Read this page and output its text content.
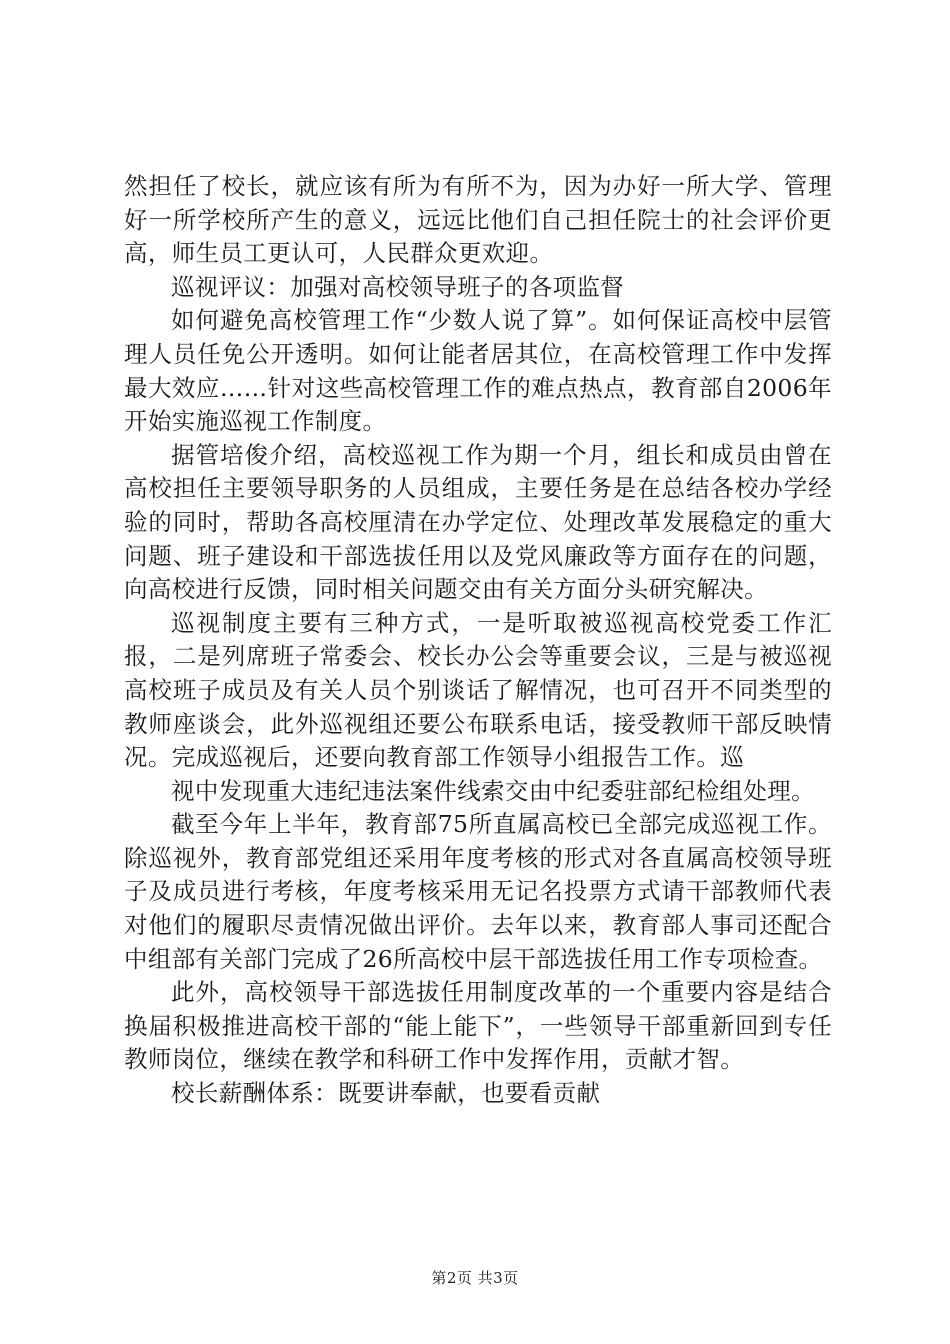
然担任了校长，就应该有所为有所不为，因为办好一所大学、管理好一所学校所产生的意义，远远比他们自己担任院士的社会评价更高，师生员工更认可，人民群众更欢迎。

巡视评议：加强对高校领导班子的各项监督

如何避免高校管理工作“少数人说了算”。如何保证高校中层管理人员任免公开透明。如何让能者居其位，在高校管理工作中发挥最大效应……针对这些高校管理工作的难点热点，教育部自2006年开始实施巡视工作制度。

据管培俊介绍，高校巡视工作为期一个月，组长和成员由曾在高校担任主要领导职务的人员组成，主要任务是在总结各校办学经验的同时，帮助各高校厘清在办学定位、处理改革发展稳定的重大问题、班子建设和干部选拔任用以及党风廉政等方面存在的问题，向高校进行反馈，同时相关问题交由有关方面分头研究解决。

巡视制度主要有三种方式，一是听取被巡视高校党委工作汇报，二是列席班子常委会、校长办公会等重要会议，三是与被巡视高校班子成员及有关人员个别谈话了解情况，也可召开不同类型的教师座谈会，此外巡视组还要公布联系电话，接受教师干部反映情况。完成巡视后，还要向教育部工作领导小组报告工作。巡

视中发现重大违纪违法案件线索交由中纪委驻部纪检组处理。

截至今年上半年，教育部75所直属高校已全部完成巡视工作。除巡视外，教育部党组还采用年度考核的形式对各直属高校领导班子及成员进行考核，年度考核采用无记名投票方式请干部教师代表对他们的履职尽责情况做出评价。去年以来，教育部人事司还配合中组部有关部门完成了26所高校中层干部选拔任用工作专项检查。

此外，高校领导干部选拔任用制度改革的一个重要内容是结合换届积极推进高校干部的“能上能下”，一些领导干部重新回到专任教师岗位，继续在教学和科研工作中发挥作用，贡献才智。

校长薪酬体系：既要讲奉献，也要看贡献

第2页 共3页
